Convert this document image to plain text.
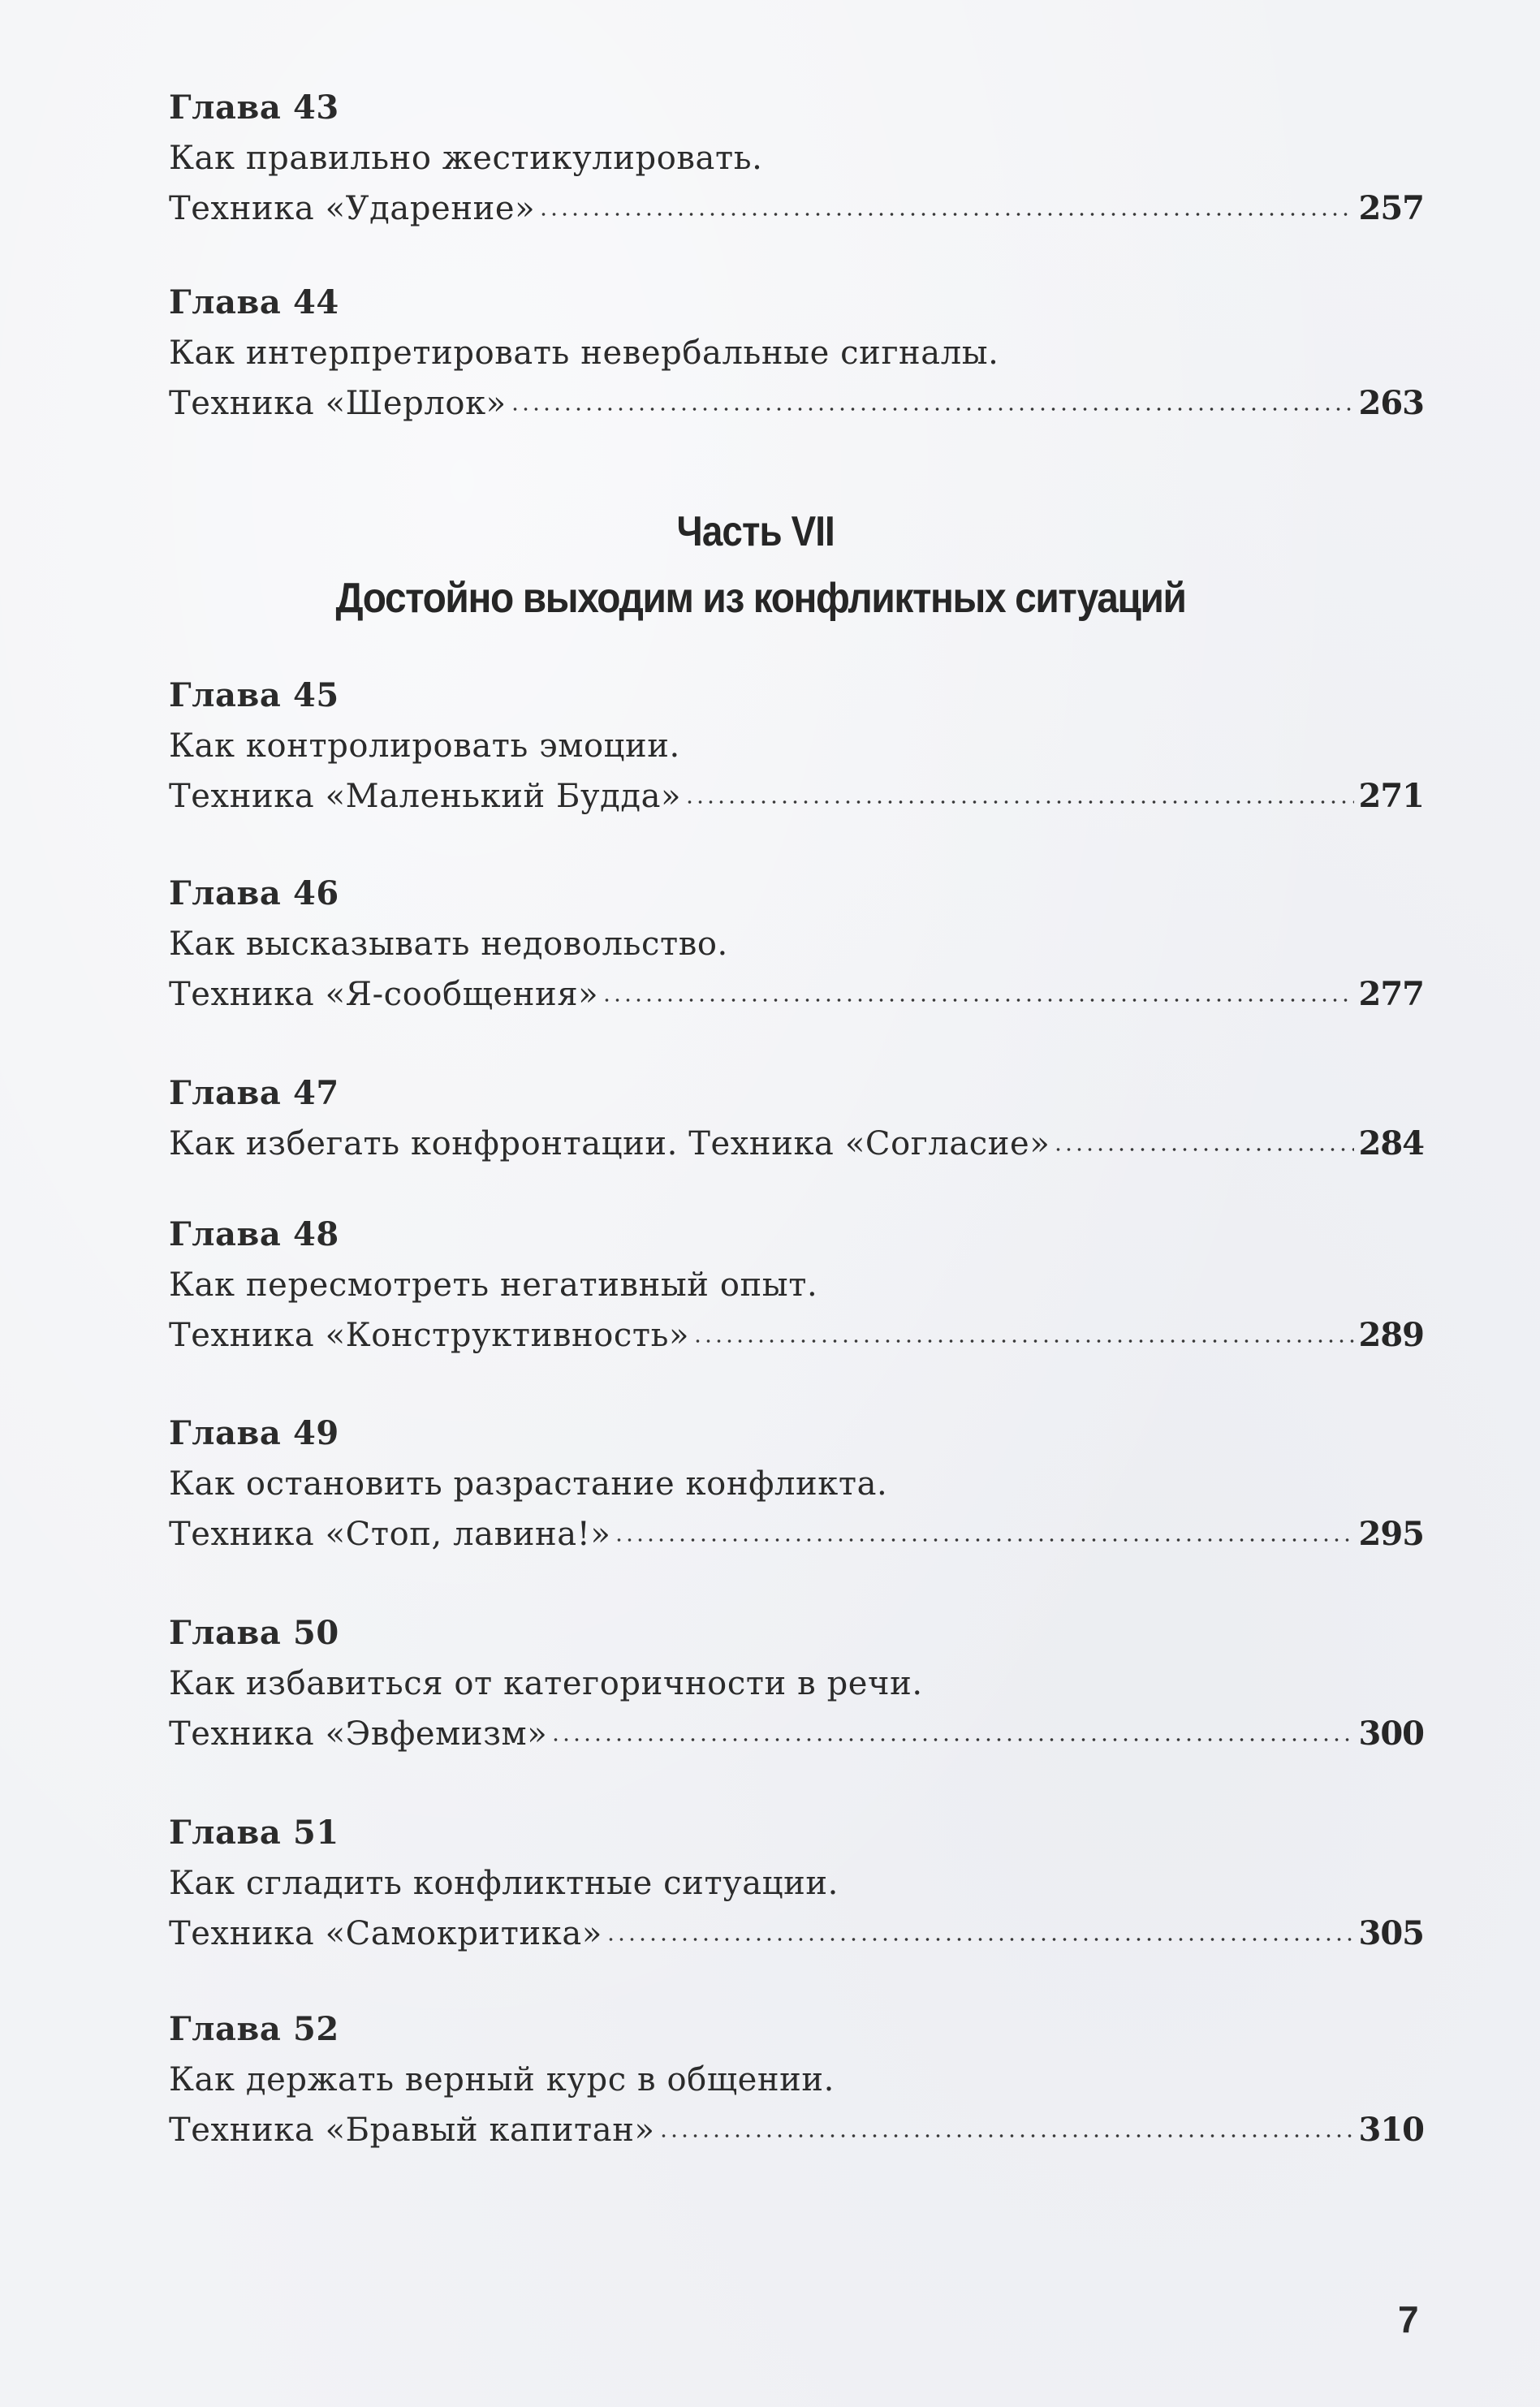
Глава 43
Как правильно жестикулировать.
Техника «Ударение»	257
Глава 44
Как интерпретировать невербальные сигналы.
Техника «Шерлок»	263
Глава 45
Как контролировать эмоции.
Техника «Маленький Будда»	271
Глава 46
Как высказывать недовольство.
Техника «Я-сообщения»	277
Глава 47
Как избегать конфронтации. Техника «Согласие»	284
Глава 48
Как пересмотреть негативный опыт.
Техника «Конструктивность»	289
Глава 49
Как остановить разрастание конфликта.
Техника «Стоп, лавина!»	295
Глава 50
Как избавиться от категоричности в речи.
Техника «Эвфемизм»	300
Глава 51
Как сгладить конфликтные ситуации.
Техника «Самокритика»	305
Глава 52
Как держать верный курс в общении.
Техника «Бравый капитан»	310
Часть VII
Достойно выходим из конфликтных ситуаций
7
